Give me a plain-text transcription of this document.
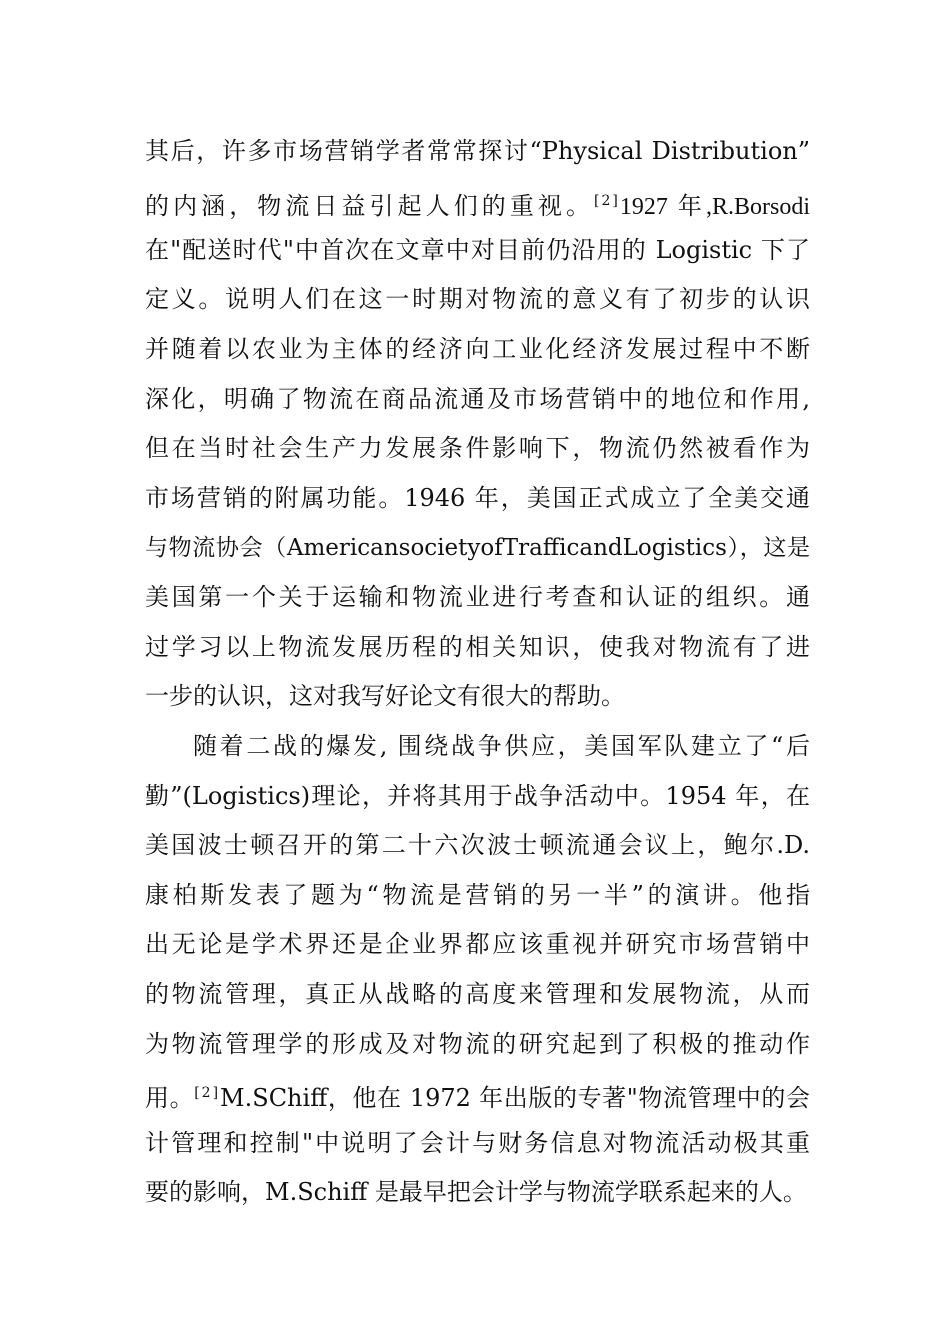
其后，许多市场营销学者常常探讨“Physical Distribution”
的内涵，物流日益引起人们的重视。[2]1927 年,R.Borsodi
在"配送时代"中首次在文章中对目前仍沿用的 Logistic 下了
定义。说明人们在这一时期对物流的意义有了初步的认识
并随着以农业为主体的经济向工业化经济发展过程中不断
深化，明确了物流在商品流通及市场营销中的地位和作用,
但在当时社会生产力发展条件影响下，物流仍然被看作为
市场营销的附属功能。1946 年，美国正式成立了全美交通
与物流协会（AmericansocietyofTrafficandLogistics），这是
美国第一个关于运输和物流业进行考查和认证的组织。通
过学习以上物流发展历程的相关知识，使我对物流有了进
一步的认识，这对我写好论文有很大的帮助。
随着二战的爆发, 围绕战争供应，美国军队建立了“后
勤”(Logistics)理论，并将其用于战争活动中。1954 年，在
美国波士顿召开的第二十六次波士顿流通会议上，鲍尔.D.
康柏斯发表了题为“物流是营销的另一半”的演讲。他指
出无论是学术界还是企业界都应该重视并研究市场营销中
的物流管理，真正从战略的高度来管理和发展物流，从而
为物流管理学的形成及对物流的研究起到了积极的推动作
用。[2]M.SChiff，他在 1972 年出版的专著"物流管理中的会
计管理和控制"中说明了会计与财务信息对物流活动极其重
要的影响，M.Schiff 是最早把会计学与物流学联系起来的人。
